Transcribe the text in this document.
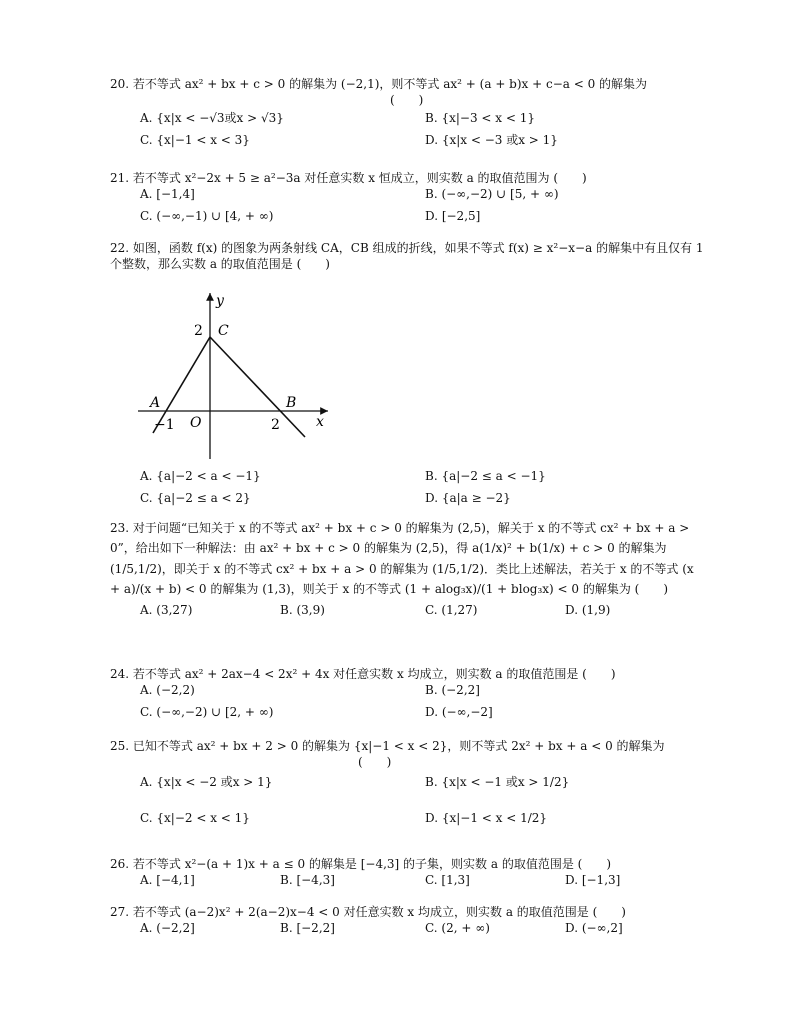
20. 若不等式 ax² + bx + c > 0 的解集为 (−2,1)，则不等式 ax² + (a + b)x + c−a < 0 的解集为
(　　)
A. {x|x < −√3或x > √3}	B. {x|−3 < x < 1}
C. {x|−1 < x < 3}	D. {x|x < −3 或x > 1}
21. 若不等式 x²−2x + 5 ≥ a²−3a 对任意实数 x 恒成立，则实数 a 的取值范围为 (　　)
A. [−1,4]	B. (−∞,−2) ∪ [5, + ∞)
C. (−∞,−1) ∪ [4, + ∞)	D. [−2,5]
22. 如图，函数 f(x) 的图象为两条射线 CA，CB 组成的折线，如果不等式 f(x) ≥ x²−x−a 的解集中有且仅有 1 个整数，那么实数 a 的取值范围是 (　　)
y
x
2 C
A	B
−1 O	2
A. {a|−2 < a < −1}	B. {a|−2 ≤ a < −1}
C. {a|−2 ≤ a < 2}	D. {a|a ≥ −2}
23. 对于问题“已知关于 x 的不等式 ax² + bx + c > 0 的解集为 (2,5)，解关于 x 的不等式 cx² + bx + a > 0”，给出如下一种解法：由 ax² + bx + c > 0 的解集为 (2,5)，得 a(1/x)² + b(1/x) + c > 0 的解集为 (1/5,1/2)，即关于 x 的不等式 cx² + bx + a > 0 的解集为 (1/5,1/2)．类比上述解法，若关于 x 的不等式 (x + a)/(x + b) < 0 的解集为 (1,3)，则关于 x 的不等式 (1 + alog₃x)/(1 + blog₃x) < 0 的解集为 (　　)
A. (3,27)	B. (3,9)	C. (1,27)	D. (1,9)
24. 若不等式 ax² + 2ax−4 < 2x² + 4x 对任意实数 x 均成立，则实数 a 的取值范围是 (　　)
A. (−2,2)	B. (−2,2]
C. (−∞,−2) ∪ [2, + ∞)	D. (−∞,−2]
25. 已知不等式 ax² + bx + 2 > 0 的解集为 {x|−1 < x < 2}，则不等式 2x² + bx + a < 0 的解集为
(　　)
A. {x|x < −2 或x > 1}	B. {x|x < −1 或x > 1/2}
C. {x|−2 < x < 1}	D. {x|−1 < x < 1/2}
26. 若不等式 x²−(a + 1)x + a ≤ 0 的解集是 [−4,3] 的子集，则实数 a 的取值范围是 (　　)
A. [−4,1]	B. [−4,3]	C. [1,3]	D. [−1,3]
27. 若不等式 (a−2)x² + 2(a−2)x−4 < 0 对任意实数 x 均成立，则实数 a 的取值范围是 (　　)
A. (−2,2]	B. [−2,2]	C. (2, + ∞)	D. (−∞,2]
